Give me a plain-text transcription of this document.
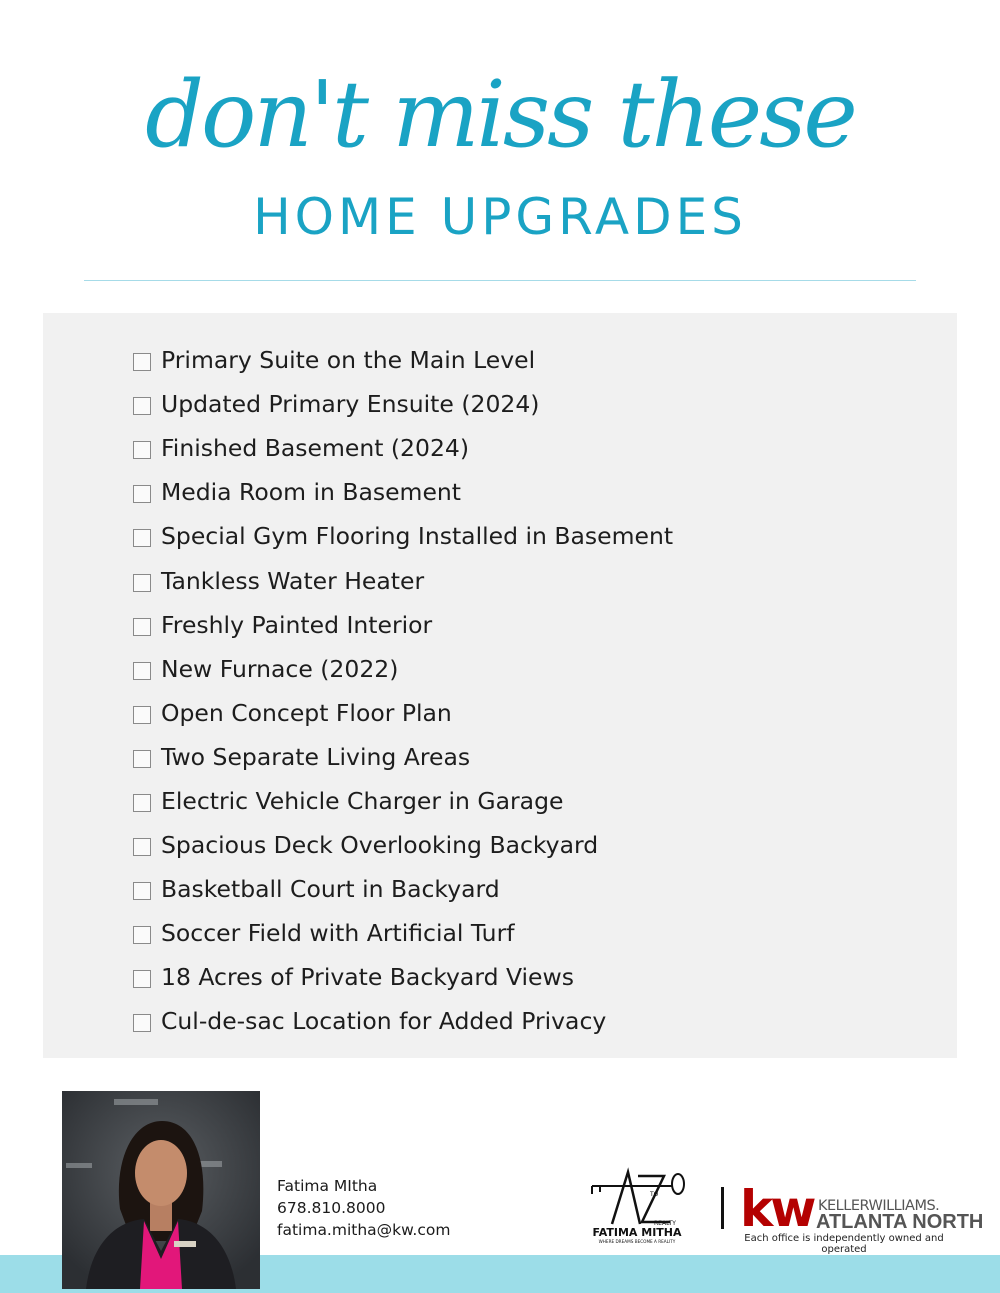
don't miss these
HOME UPGRADES
Primary Suite on the Main Level
Updated Primary Ensuite (2024)
Finished Basement (2024)
Media Room in Basement
Special Gym Flooring Installed in Basement
Tankless Water Heater
Freshly Painted Interior
New Furnace (2022)
Open Concept Floor Plan
Two Separate Living Areas
Electric Vehicle Charger in Garage
Spacious Deck Overlooking Backyard
Basketball Court in Backyard
Soccer Field with Artificial Turf
18 Acres of Private Backyard Views
Cul-de-sac Location for Added Privacy
Fatima MItha
678.810.8000
fatima.mitha@kw.com
TO
REALTY
FATIMA MITHA
WHERE DREAMS BECOME A REALITY
kw KELLERWILLIAMS.
ATLANTA NORTH
Each office is independently owned and operated
